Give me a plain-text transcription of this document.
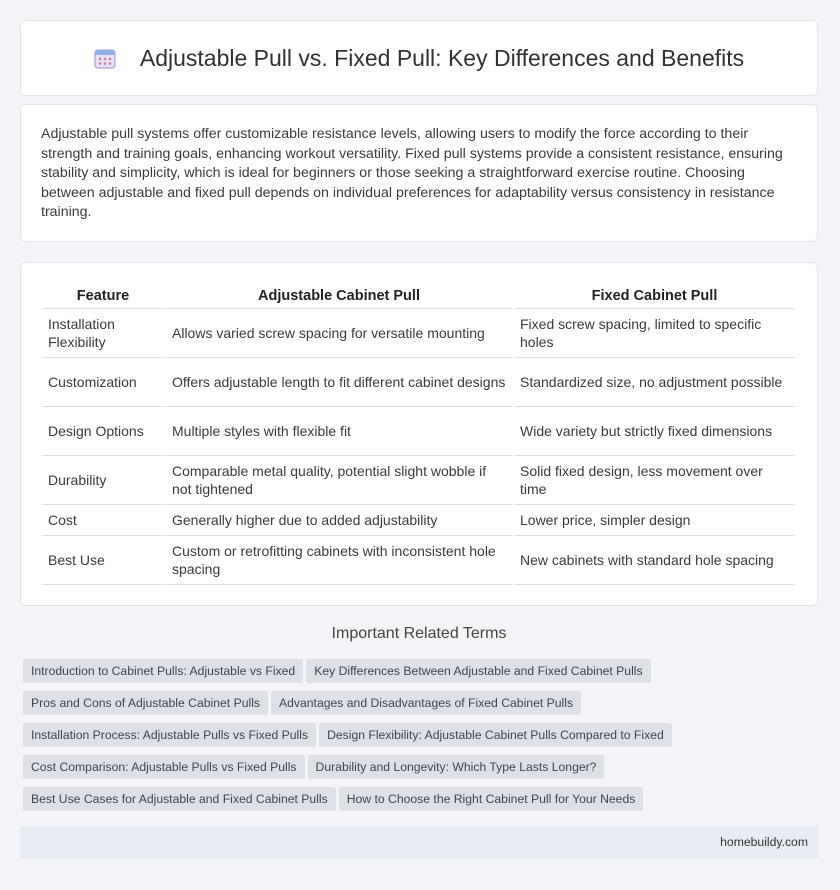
Adjustable Pull vs. Fixed Pull: Key Differences and Benefits

Adjustable pull systems offer customizable resistance levels, allowing users to modify the force according to their strength and training goals, enhancing workout versatility. Fixed pull systems provide a consistent resistance, ensuring stability and simplicity, which is ideal for beginners or those seeking a straightforward exercise routine. Choosing between adjustable and fixed pull depends on individual preferences for adaptability versus consistency in resistance training.

Feature	Adjustable Cabinet Pull	Fixed Cabinet Pull
Installation Flexibility	Allows varied screw spacing for versatile mounting	Fixed screw spacing, limited to specific holes
Customization	Offers adjustable length to fit different cabinet designs	Standardized size, no adjustment possible
Design Options	Multiple styles with flexible fit	Wide variety but strictly fixed dimensions
Durability	Comparable metal quality, potential slight wobble if not tightened	Solid fixed design, less movement over time
Cost	Generally higher due to added adjustability	Lower price, simpler design
Best Use	Custom or retrofitting cabinets with inconsistent hole spacing	New cabinets with standard hole spacing
Important Related Terms
Introduction to Cabinet Pulls: Adjustable vs Fixed Key Differences Between Adjustable and Fixed Cabinet Pulls
Pros and Cons of Adjustable Cabinet Pulls Advantages and Disadvantages of Fixed Cabinet Pulls
Installation Process: Adjustable Pulls vs Fixed Pulls Design Flexibility: Adjustable Cabinet Pulls Compared to Fixed
Cost Comparison: Adjustable Pulls vs Fixed Pulls Durability and Longevity: Which Type Lasts Longer?
Best Use Cases for Adjustable and Fixed Cabinet Pulls How to Choose the Right Cabinet Pull for Your Needs
homebuildy.com
